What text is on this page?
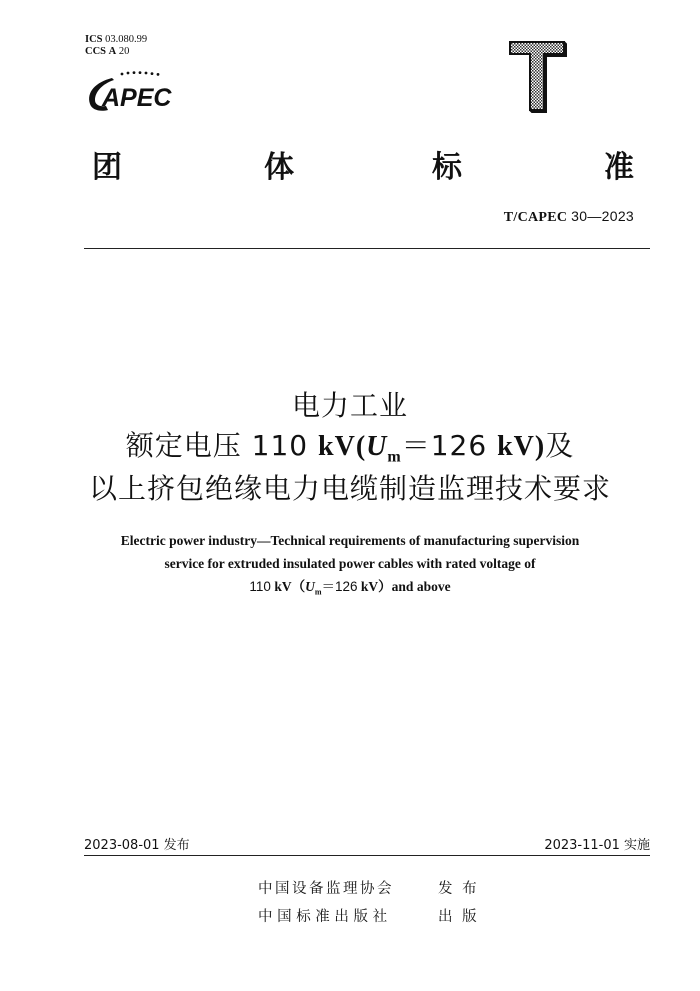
ICS 03.080.99
CCS A 20
APEC
团	体	标	准
T/CAPEC 30—2023
电力工业
额定电压 110 $kV(U_m=126$ kV)及
以上挤包绝缘电力电缆制造监理技术要求
Electric power industry—Technical requirements of manufacturing supervision
service for extruded insulated power cables with rated voltage of
110 $kV(U_m=126$ kV）and above
2023-08-01 发布	2023-11-01 实施
中国设备监理协会	发 布
中国标准出版社	出 版
